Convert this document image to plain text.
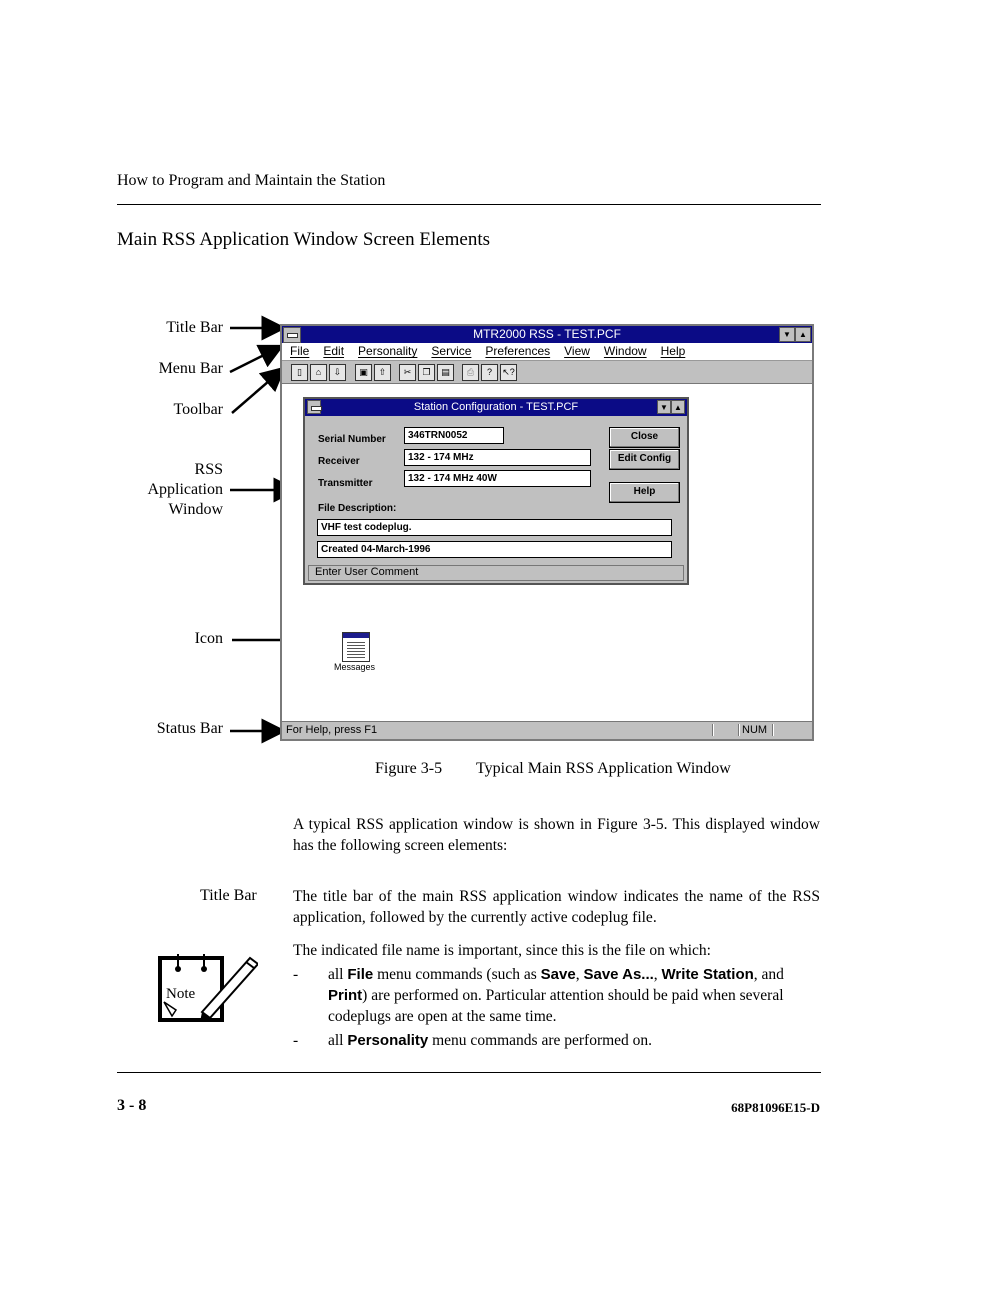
How to Program and Maintain the Station
Main RSS Application Window Screen Elements
Title Bar
Menu Bar
Toolbar
RSS
Application
Window
Icon
Status Bar
MTR2000 RSS - TEST.PCF	▼	▲
File Edit Personality Service Preferences View Window Help
▯	⌂	⇩	▣	⇧	✂	❐	▤	⎙	?	↖?
Station Configuration - TEST.PCF	▼ ▲
Serial Number	346TRN0052
Receiver	132 - 174 MHz
Transmitter	132 - 174 MHz 40W
File Description:
VHF test codeplug.
Created 04-March-1996
Close
Edit Config
Help
Enter User Comment
Messages
For Help, press F1	NUM
Figure 3-5 Typical Main RSS Application Window
A typical RSS application window is shown in Figure 3-5. This displayed window has the following screen elements:
Title Bar The title bar of the main RSS application window indicates the name of the RSS application, followed by the currently active codeplug file.
The indicated file name is important, since this is the file on which:
- all File menu commands (such as Save, Save As..., Write Station, and Print) are performed on. Particular attention should be paid when several codeplugs are open at the same time.
- all Personality menu commands are performed on.
Note
3 - 8	68P81096E15-D
